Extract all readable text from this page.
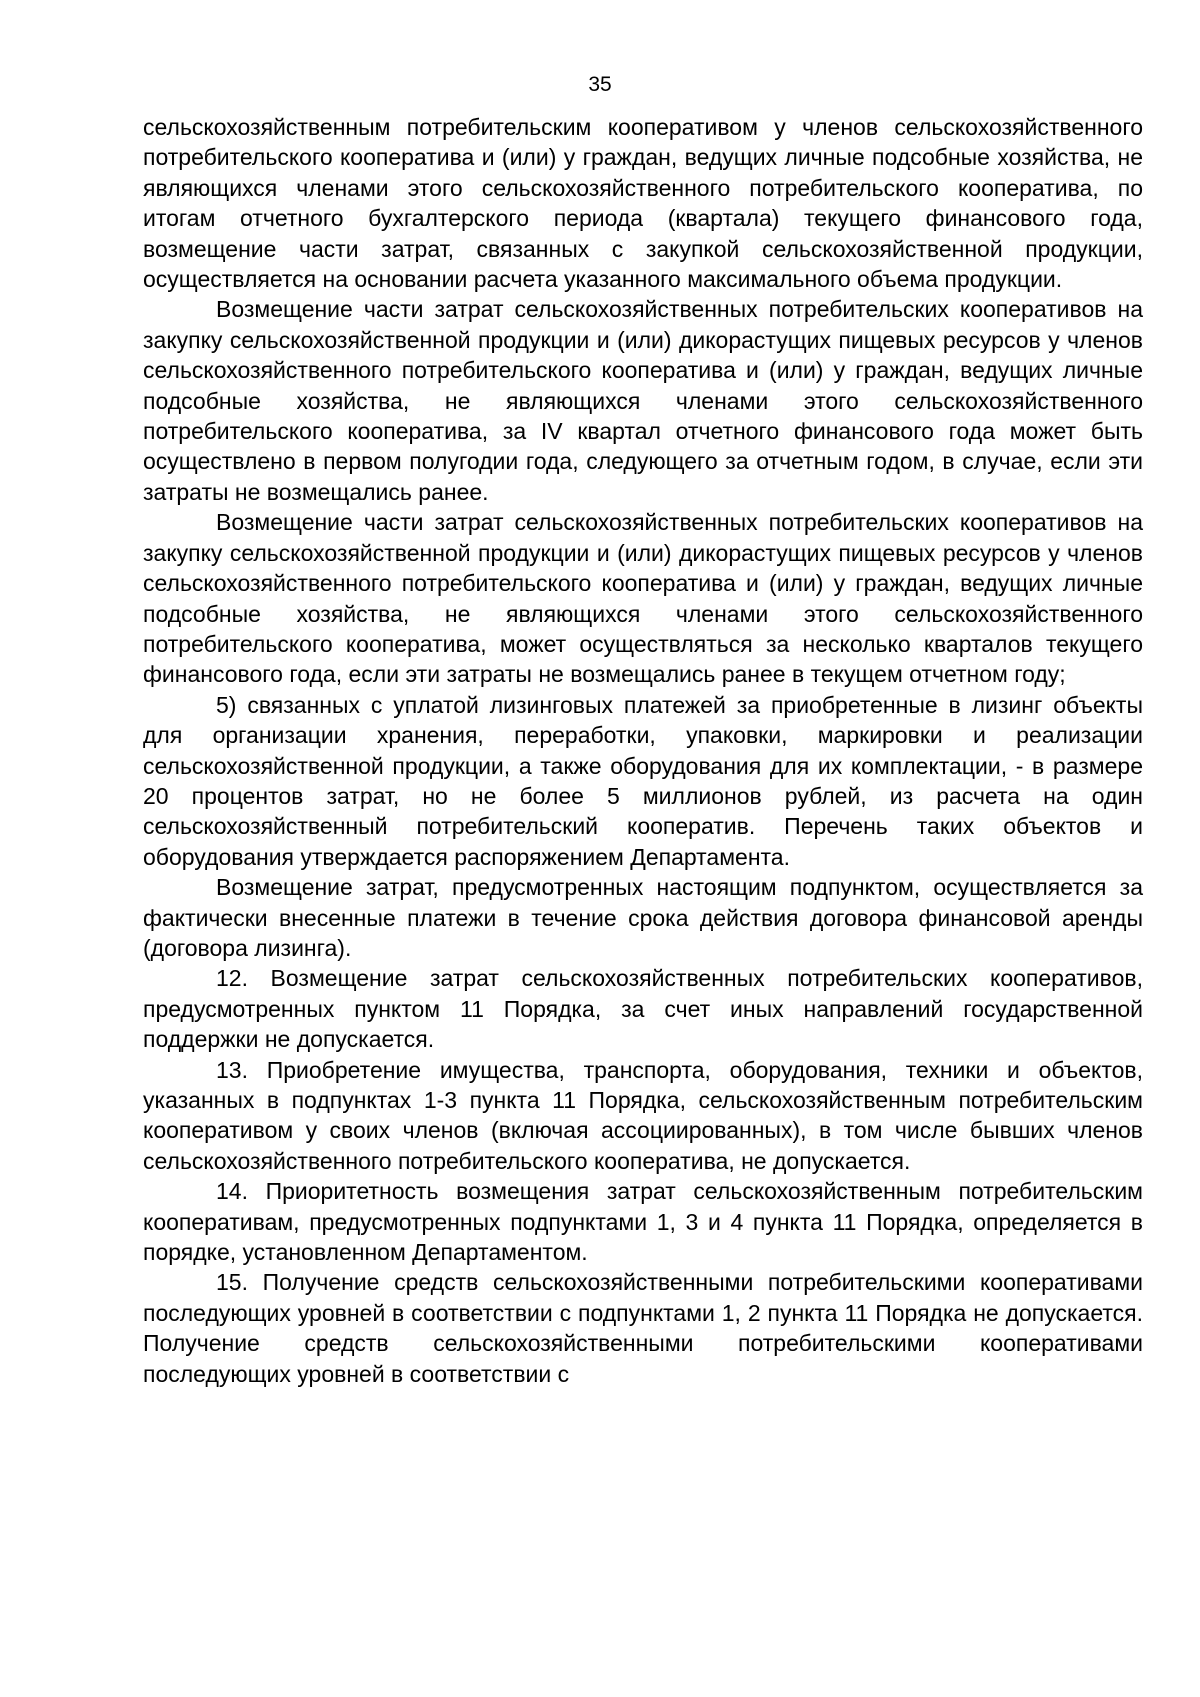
35

сельскохозяйственным потребительским кооперативом у членов сельскохозяйственного потребительского кооператива и (или) у граждан, ведущих личные подсобные хозяйства, не являющихся членами этого сельскохозяйственного потребительского кооператива, по итогам отчетного бухгалтерского периода (квартала) текущего финансового года, возмещение части затрат, связанных с закупкой сельскохозяйственной продукции, осуществляется на основании расчета указанного максимального объема продукции.

Возмещение части затрат сельскохозяйственных потребительских кооперативов на закупку сельскохозяйственной продукции и (или) дикорастущих пищевых ресурсов у членов сельскохозяйственного потребительского кооператива и (или) у граждан, ведущих личные подсобные хозяйства, не являющихся членами этого сельскохозяйственного потребительского кооператива, за IV квартал отчетного финансового года может быть осуществлено в первом полугодии года, следующего за отчетным годом, в случае, если эти затраты не возмещались ранее.

Возмещение части затрат сельскохозяйственных потребительских кооперативов на закупку сельскохозяйственной продукции и (или) дикорастущих пищевых ресурсов у членов сельскохозяйственного потребительского кооператива и (или) у граждан, ведущих личные подсобные хозяйства, не являющихся членами этого сельскохозяйственного потребительского кооператива, может осуществляться за несколько кварталов текущего финансового года, если эти затраты не возмещались ранее в текущем отчетном году;

5) связанных с уплатой лизинговых платежей за приобретенные в лизинг объекты для организации хранения, переработки, упаковки, маркировки и реализации сельскохозяйственной продукции, а также оборудования для их комплектации, - в размере 20 процентов затрат, но не более 5 миллионов рублей, из расчета на один сельскохозяйственный потребительский кооператив. Перечень таких объектов и оборудования утверждается распоряжением Департамента.

Возмещение затрат, предусмотренных настоящим подпунктом, осуществляется за фактически внесенные платежи в течение срока действия договора финансовой аренды (договора лизинга).

12. Возмещение затрат сельскохозяйственных потребительских кооперативов, предусмотренных пунктом 11 Порядка, за счет иных направлений государственной поддержки не допускается.

13. Приобретение имущества, транспорта, оборудования, техники и объектов, указанных в подпунктах 1-3 пункта 11 Порядка, сельскохозяйственным потребительским кооперативом у своих членов (включая ассоциированных), в том числе бывших членов сельскохозяйственного потребительского кооператива, не допускается.

14. Приоритетность возмещения затрат сельскохозяйственным потребительским кооперативам, предусмотренных подпунктами 1, 3 и 4 пункта 11 Порядка, определяется в порядке, установленном Департаментом.

15. Получение средств сельскохозяйственными потребительскими кооперативами последующих уровней в соответствии с подпунктами 1, 2 пункта 11 Порядка не допускается. Получение средств сельскохозяйственными потребительскими кооперативами последующих уровней в соответствии с
